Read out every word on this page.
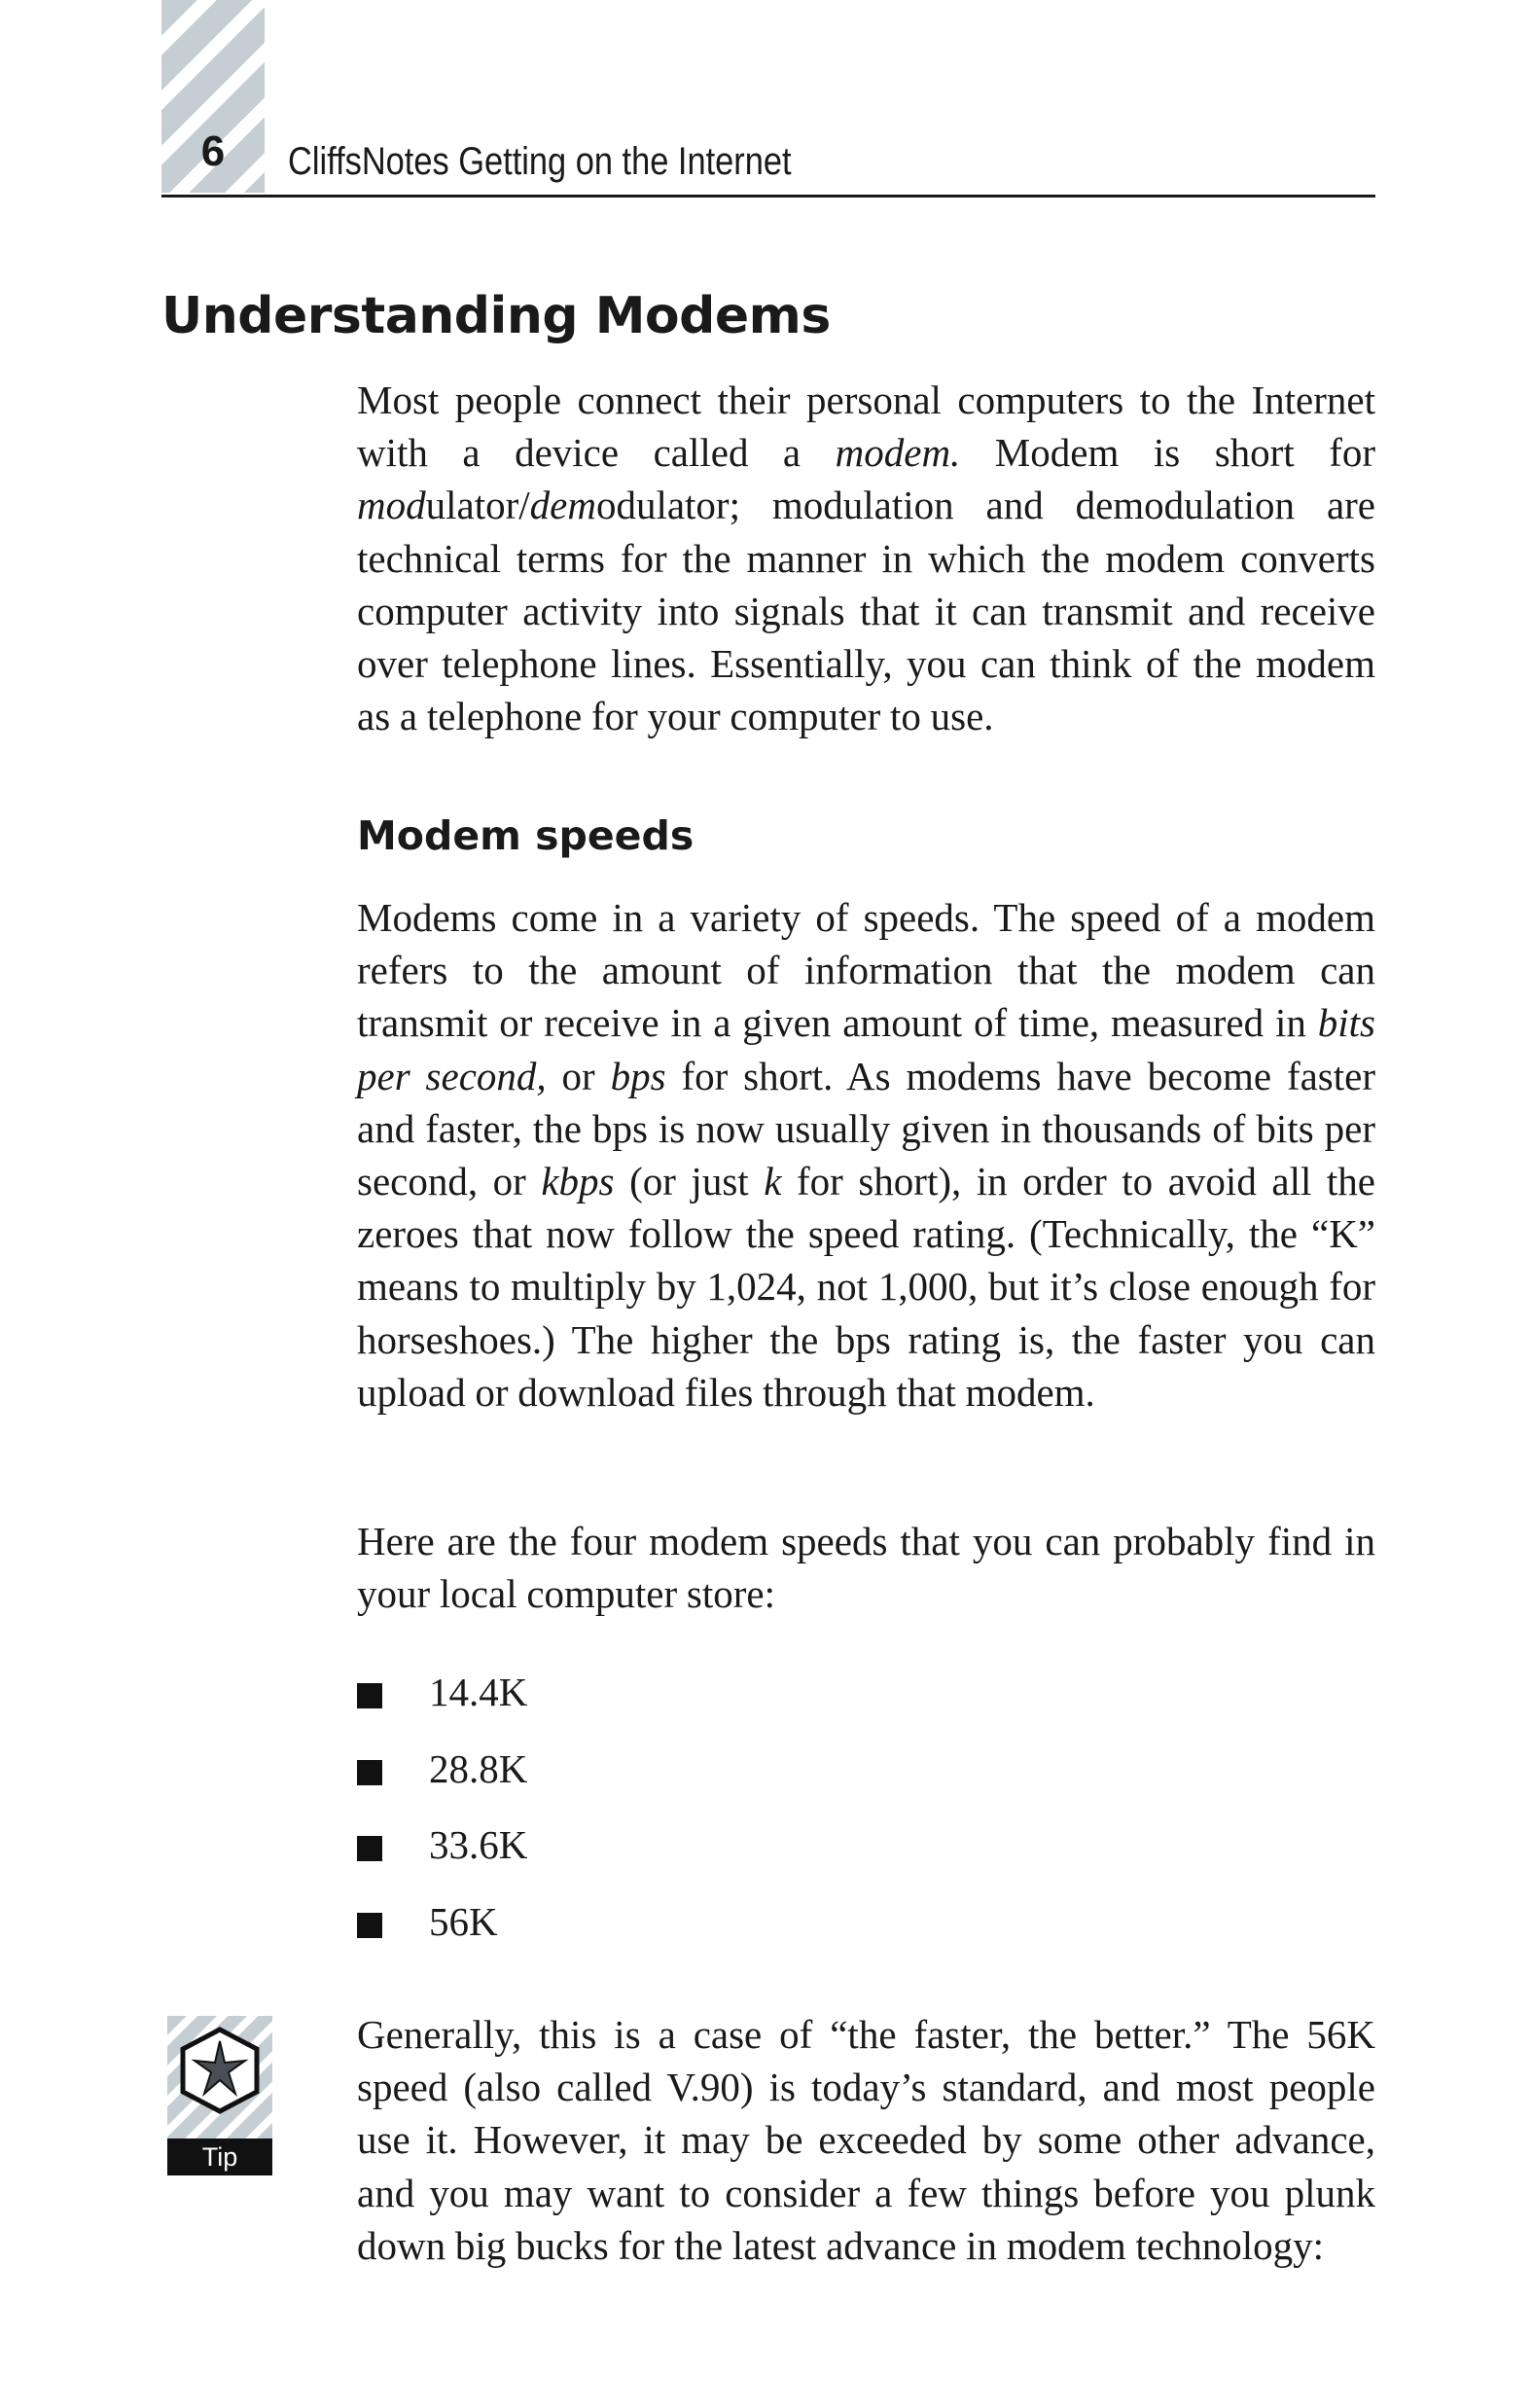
6	CliffsNotes Getting on the Internet
Understanding Modems

Most people connect their personal computers to the Internet with a device called a modem. Modem is short for modulator/demodulator; modulation and demodulation are technical terms for the manner in which the modem converts computer activity into signals that it can transmit and receive over telephone lines. Essentially, you can think of the modem as a telephone for your computer to use.

Modem speeds

Modems come in a variety of speeds. The speed of a modem refers to the amount of information that the modem can transmit or receive in a given amount of time, measured in bits per second, or bps for short. As modems have become faster and faster, the bps is now usually given in thousands of bits per second, or kbps (or just k for short), in order to avoid all the zeroes that now follow the speed rating. (Technically, the “K” means to multiply by 1,024, not 1,000, but it’s close enough for horseshoes.) The higher the bps rating is, the faster you can upload or download files through that modem.

Here are the four modem speeds that you can probably find in your local computer store:

14.4K
28.8K
33.6K
56K
Tip

Generally, this is a case of “the faster, the better.” The 56K speed (also called V.90) is today’s standard, and most people use it. However, it may be exceeded by some other advance, and you may want to consider a few things before you plunk down big bucks for the latest advance in modem technology:
